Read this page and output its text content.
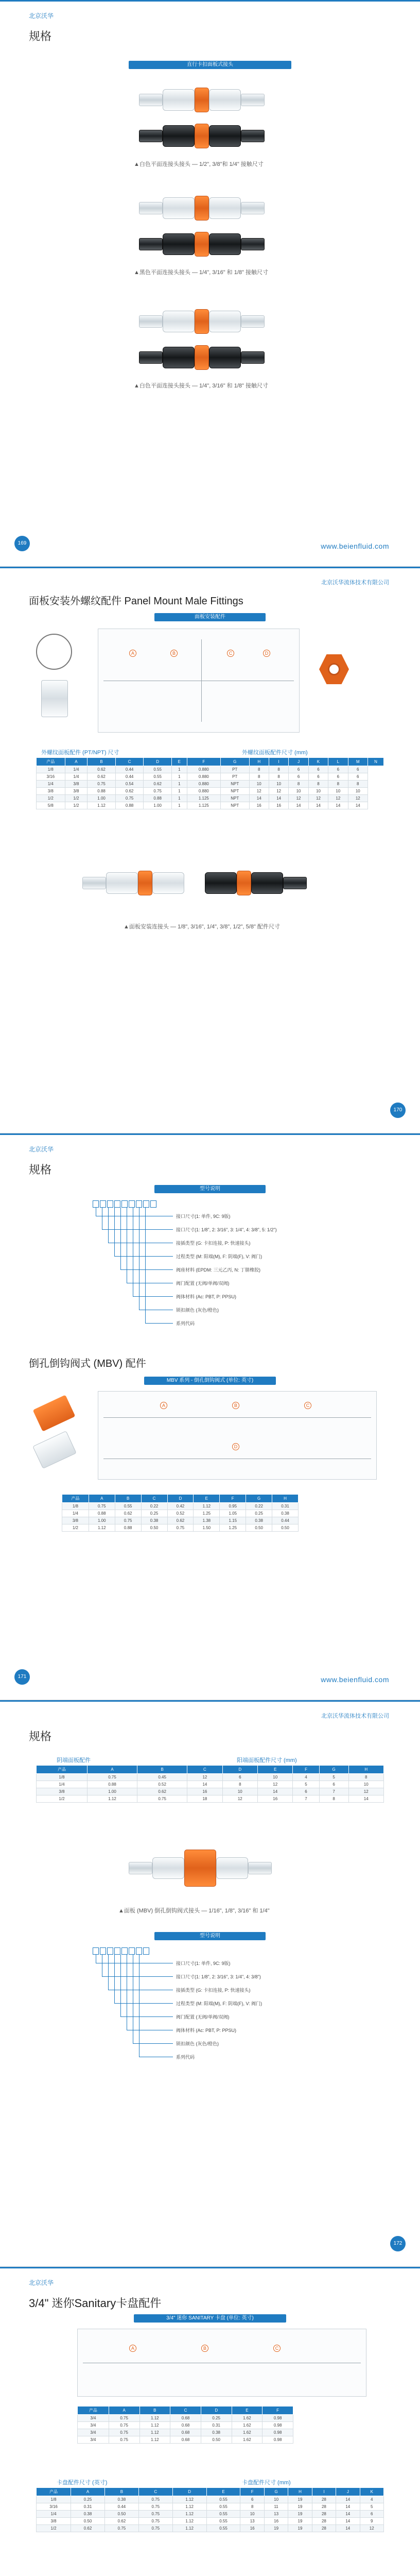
北京沃华
规格
直行卡扣面板式接头
▲白色平面连接头接头 — 1/2", 3/8"和 1/4" 接触尺寸
▲黑色平面连接头接头 — 1/4", 3/16" 和 1/8" 接触尺寸
▲白色平面连接头接头 — 1/4", 3/16" 和 1/8" 接触尺寸
169	www.beienfluid.com
北京沃华流体技术有限公司
面板安装外螺纹配件 Panel Mount Male Fittings
面板安装配件
A	B	C	D
外螺纹面板配件 (PT/NPT) 尺寸	外螺纹面板配件尺寸 (mm)
产品	A	B	C	D	E	F	G	H	I	J	K	L	M	N
1/8	1/4	0.62	0.44	0.55	1	0.880	PT	8	8	6	6	6	6	
3/16	1/4	0.62	0.44	0.55	1	0.880	PT	8	8	6	6	6	6	
1/4	3/8	0.75	0.54	0.62	1	0.880	NPT	10	10	8	8	8	8	
3/8	3/8	0.88	0.62	0.75	1	0.880	NPT	12	12	10	10	10	10	
1/2	1/2	1.00	0.75	0.88	1	1.125	NPT	14	14	12	12	12	12	
5/8	1/2	1.12	0.88	1.00	1	1.125	NPT	16	16	14	14	14	14	
▲面板安装连接头 — 1/8", 3/16", 1/4", 3/8", 1/2", 5/8" 配件尺寸
170
北京沃华
规格
型号说明
接口尺寸(1: 单件, 9C: 9版)
接口尺寸(1: 1/8", 2: 3/16", 3: 1/4", 4: 3/8", 5: 1/2")
接插类型 (G: 卡扣连接, P: 快速接头)
过程类型 (M: 阳端(M), F: 阴端(F), V: 阀门)
阀座材料 (EPDM: 三元乙丙, N: 丁腈橡胶)
阀门配置 (无阀/单阀/双阀)
阀体材料 (Ac: PBT, P: PPSU)
锁扣颜色 (灰色/橙色)
系列代码
倒孔倒钩阀式 (MBV) 配件
MBV 系列 - 倒孔倒钩阀式 (单位: 英寸)
A	B	C
D
产品	A	B	C	D	E	F	G	H
1/8	0.75	0.55	0.22	0.42	1.12	0.95	0.22	0.31
1/4	0.88	0.62	0.25	0.52	1.25	1.05	0.25	0.38
3/8	1.00	0.75	0.38	0.62	1.38	1.15	0.38	0.44
1/2	1.12	0.88	0.50	0.75	1.50	1.25	0.50	0.50
171	www.beienfluid.com
北京沃华流体技术有限公司
规格
阴端面板配件	阳端面板配件尺寸 (mm)
产品	A	B	C	D	E	F	G	H
1/8	0.75	0.45	12	6	10	4	5	8
1/4	0.88	0.52	14	8	12	5	6	10
3/8	1.00	0.62	16	10	14	6	7	12
1/2	1.12	0.75	18	12	16	7	8	14
▲面板 (MBV) 倒孔倒钩阀式接头 — 1/16", 1/8", 3/16" 和 1/4"
型号说明
接口尺寸(1: 单件, 9C: 9版)
接口尺寸(1: 1/8", 2: 3/16", 3: 1/4", 4: 3/8")
接插类型 (G: 卡扣连接, P: 快速接头)
过程类型 (M: 阳端(M), F: 阴端(F), V: 阀门)
阀门配置 (无阀/单阀/双阀)
阀体材料 (Ac: PBT, P: PPSU)
锁扣颜色 (灰色/橙色)
系列代码
172
北京沃华
3/4" 迷你Sanitary卡盘配件
3/4" 迷你 SANITARY 卡盘 (单位: 英寸)
A	B	C
产品	A	B	C	D	E	F
3/4	0.75	1.12	0.68	0.25	1.62	0.98
3/4	0.75	1.12	0.68	0.31	1.62	0.98
3/4	0.75	1.12	0.68	0.38	1.62	0.98
3/4	0.75	1.12	0.68	0.50	1.62	0.98
卡盘配件尺寸 (英寸)	卡盘配件尺寸 (mm)
产品	A	B	C	D	E	F	G	H	I	J	K
1/8	0.25	0.38	0.75	1.12	0.55	6	10	19	28	14	4
3/16	0.31	0.44	0.75	1.12	0.55	8	11	19	28	14	5
1/4	0.38	0.50	0.75	1.12	0.55	10	13	19	28	14	6
3/8	0.50	0.62	0.75	1.12	0.55	13	16	19	28	14	9
1/2	0.62	0.75	0.75	1.12	0.55	16	19	19	28	14	12
